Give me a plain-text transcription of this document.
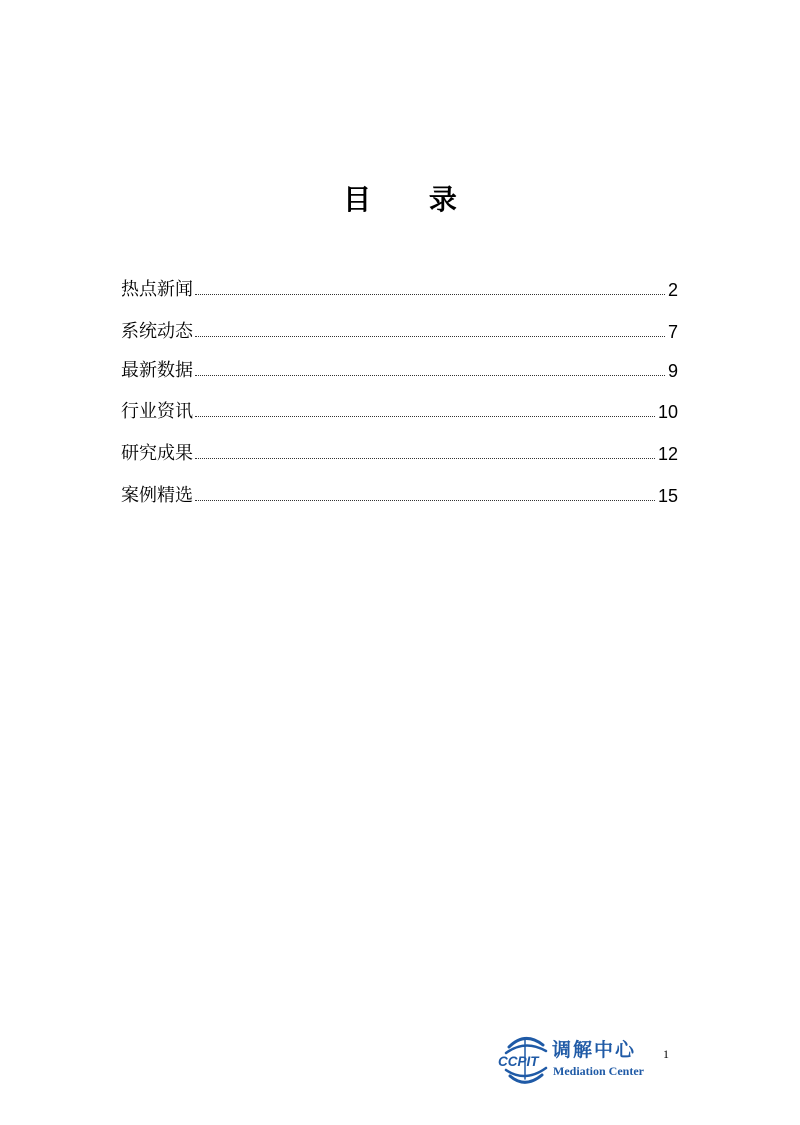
目 录
热点新闻	2
系统动态	7
最新数据	9
行业资讯	10
研究成果	12
案例精选	15
CCPIT
调解中心
Mediation Center
1
